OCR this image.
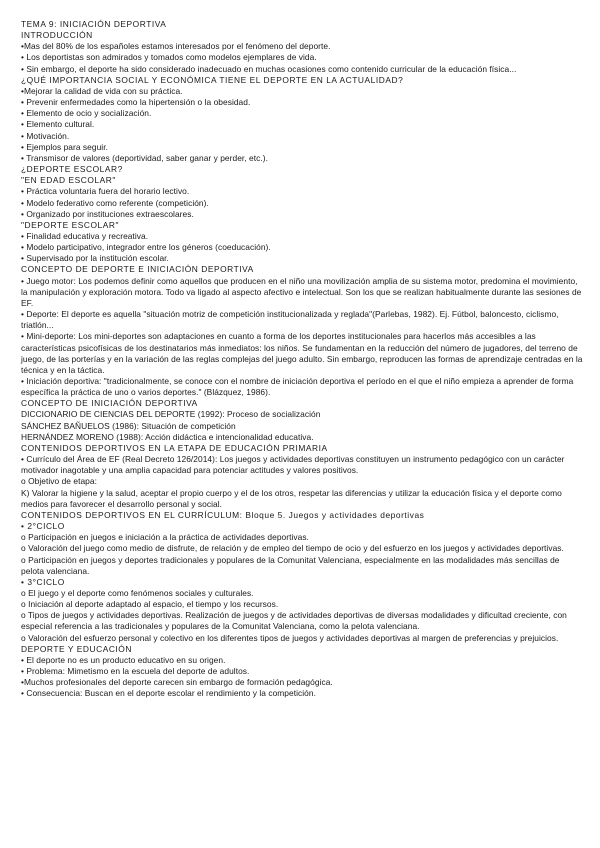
TEMA 9: INICIACIÓN DEPORTIVA

INTRODUCCIÓN

•Mas del 80% de los españoles estamos interesados por el fenómeno del deporte.

• Los deportistas son admirados y tomados como modelos ejemplares de vida.

• Sin embargo, el deporte ha sido considerado inadecuado en muchas ocasiones como contenido curricular de la educación física...

¿QUÉ IMPORTANCIA SOCIAL Y ECONÓMICA TIENE EL DEPORTE EN LA ACTUALIDAD?

•Mejorar la calidad de vida con su práctica.

• Prevenir enfermedades como la hipertensión o la obesidad.

• Elemento de ocio y socialización.

• Elemento cultural.

• Motivación.

• Ejemplos para seguir.

• Transmisor de valores (deportividad, saber ganar y perder, etc.).

¿DEPORTE ESCOLAR?

"EN EDAD ESCOLAR"

• Práctica voluntaria fuera del horario lectivo.

• Modelo federativo como referente (competición).

• Organizado por instituciones extraescolares.

"DEPORTE ESCOLAR"

• Finalidad educativa y recreativa.

• Modelo participativo, integrador entre los géneros (coeducación).

• Supervisado por la institución escolar.

CONCEPTO DE DEPORTE E INICIACIÓN DEPORTIVA

• Juego motor: Los podemos definir como aquellos que producen en el niño una movilización amplia de su sistema motor, predomina el movimiento, la manipulación y exploración motora. Todo va ligado al aspecto afectivo e intelectual. Son los que se realizan habitualmente durante las sesiones de EF.

• Deporte: El deporte es aquella "situación motriz de competición institucionalizada y reglada"(Parlebas, 1982). Ej. Fútbol, baloncesto, ciclismo, triatlón...

• Mini-deporte: Los mini-deportes son adaptaciones en cuanto a forma de los deportes institucionales para hacerlos más accesibles a las características psicofísicas de los destinatarios más inmediatos: los niños. Se fundamentan en la reducción del número de jugadores, del terreno de juego, de las porterías y en la variación de las reglas complejas del juego adulto. Sin embargo, reproducen las formas de aprendizaje centradas en la técnica y en la táctica.

• Iniciación deportiva: "tradicionalmente, se conoce con el nombre de iniciación deportiva el período en el que el niño empieza a aprender de forma específica la práctica de uno o varios deportes." (Blázquez, 1986).

CONCEPTO DE INICIACIÓN DEPORTIVA

DICCIONARIO DE CIENCIAS DEL DEPORTE (1992): Proceso de socialización

SÁNCHEZ BAÑUELOS (1986): Situación de competición

HERNÁNDEZ MORENO (1988): Acción didáctica e intencionalidad educativa.

CONTENIDOS DEPORTIVOS EN LA ETAPA DE EDUCACIÓN PRIMARIA

• Currículo del Área de EF (Real Decreto 126/2014): Los juegos y actividades deportivas constituyen un instrumento pedagógico con un carácter motivador inagotable y una amplia capacidad para potenciar actitudes y valores positivos.

o Objetivo de etapa:

K) Valorar la higiene y la salud, aceptar el propio cuerpo y el de los otros, respetar las diferencias y utilizar la educación física y el deporte como medios para favorecer el desarrollo personal y social.

CONTENIDOS DEPORTIVOS EN EL CURRÍCULUM: Bloque 5. Juegos y actividades deportivas

• 2°CICLO

o Participación en juegos e iniciación a la práctica de actividades deportivas.

o Valoración del juego como medio de disfrute, de relación y de empleo del tiempo de ocio y del esfuerzo en los juegos y actividades deportivas.

o Participación en juegos y deportes tradicionales y populares de la Comunitat Valenciana, especialmente en las modalidades más sencillas de pelota valenciana.

• 3°CICLO

o El juego y el deporte como fenómenos sociales y culturales.

o Iniciación al deporte adaptado al espacio, el tiempo y los recursos.

o Tipos de juegos y actividades deportivas. Realización de juegos y de actividades deportivas de diversas modalidades y dificultad creciente, con especial referencia a las tradicionales y populares de la Comunitat Valenciana, como la pelota valenciana.

o Valoración del esfuerzo personal y colectivo en los diferentes tipos de juegos y actividades deportivas al margen de preferencias y prejuicios.

DEPORTE Y EDUCACIÓN

• El deporte no es un producto educativo en su origen.

• Problema: Mimetismo en la escuela del deporte de adultos.

•Muchos profesionales del deporte carecen sin embargo de formación pedagógica.

• Consecuencia: Buscan en el deporte escolar el rendimiento y la competición.
